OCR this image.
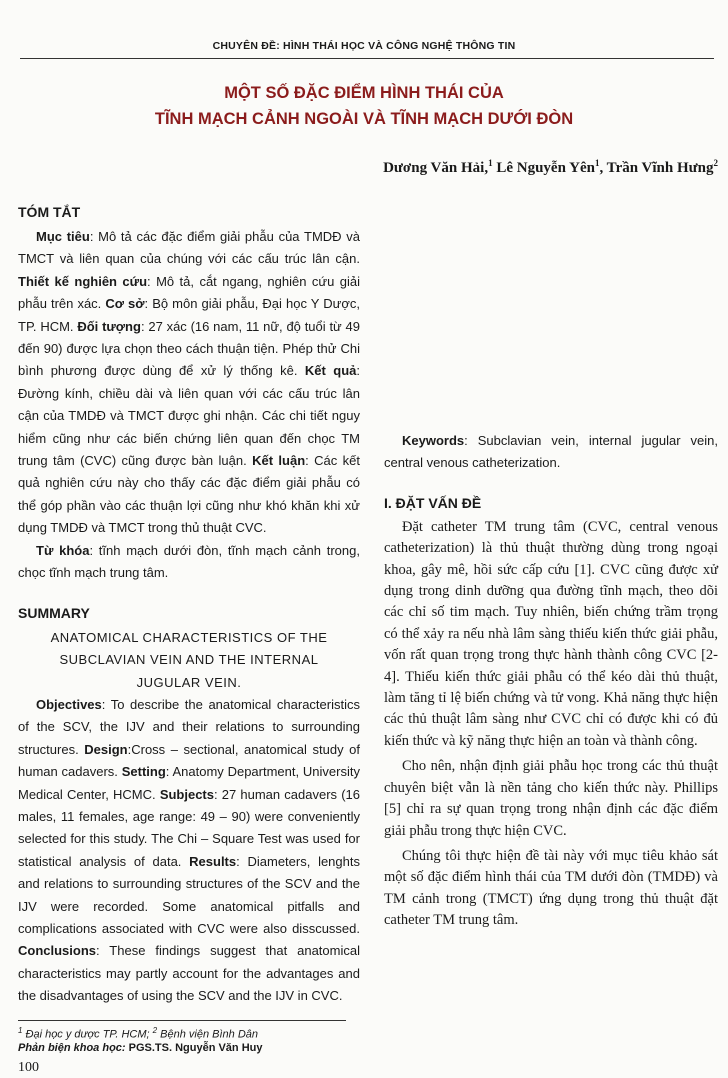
CHUYÊN ĐỀ: HÌNH THÁI HỌC VÀ CÔNG NGHỆ THÔNG TIN
MỘT SỐ ĐẶC ĐIỂM HÌNH THÁI CỦA
TĨNH MẠCH CẢNH NGOÀI VÀ TĨNH MẠCH DƯỚI ĐÒN
Dương Văn Hải,$^1$ Lê Nguyễn Yên$^1$, Trần Vĩnh Hưng$^2$
TÓM TẮT

Mục tiêu: Mô tả các đặc điểm giải phẫu của TMDĐ và TMCT và liên quan của chúng với các cấu trúc lân cận. Thiết kế nghiên cứu: Mô tả, cắt ngang, nghiên cứu giải phẫu trên xác. Cơ sở: Bộ môn giải phẫu, Đại học Y Dược, TP. HCM. Đối tượng: 27 xác (16 nam, 11 nữ, độ tuổi từ 49 đến 90) được lựa chọn theo cách thuận tiện. Phép thử Chi bình phương được dùng để xử lý thống kê. Kết quả: Đường kính, chiều dài và liên quan với các cấu trúc lân cận của TMDĐ và TMCT được ghi nhận. Các chi tiết nguy hiểm cũng như các biến chứng liên quan đến chọc TM trung tâm (CVC) cũng được bàn luận. Kết luận: Các kết quả nghiên cứu này cho thấy các đặc điểm giải phẫu có thể góp phần vào các thuận lợi cũng như khó khăn khi xử dụng TMDĐ và TMCT trong thủ thuật CVC.

Từ khóa: tĩnh mạch dưới đòn, tĩnh mạch cảnh trong, chọc tĩnh mạch trung tâm.

SUMMARY
ANATOMICAL CHARACTERISTICS OF THE
SUBCLAVIAN VEIN AND THE INTERNAL
JUGULAR VEIN.

Objectives: To describe the anatomical characteristics of the SCV, the IJV and their relations to surrounding structures. Design:Cross – sectional, anatomical study of human cadavers. Setting: Anatomy Department, University Medical Center, HCMC. Subjects: 27 human cadavers (16 males, 11 females, age range: 49 – 90) were conveniently selected for this study. The Chi – Square Test was used for statistical analysis of data. Results: Diameters, lenghts and relations to surrounding structures of the SCV and the IJV were recorded. Some anatomical pitfalls and complications associated with CVC were also disscussed. Conclusions: These findings suggest that anatomical characteristics may partly account for the advantages and the disadvantages of using the SCV and the IJV in CVC.

Keywords: Subclavian vein, internal jugular vein, central venous catheterization.

I. ĐẶT VẤN ĐỀ

Đặt catheter TM trung tâm (CVC, central venous catheterization) là thủ thuật thường dùng trong ngoại khoa, gây mê, hồi sức cấp cứu [1]. CVC cũng được xử dụng trong dinh dưỡng qua đường tĩnh mạch, theo dõi các chỉ số tim mạch. Tuy nhiên, biến chứng trầm trọng có thể xảy ra nếu nhà lâm sàng thiếu kiến thức giải phẫu, vốn rất quan trọng trong thực hành thành công CVC [2-4]. Thiếu kiến thức giải phẫu có thể kéo dài thủ thuật, làm tăng tỉ lệ biến chứng và tử vong. Khả năng thực hiện các thủ thuật lâm sàng như CVC chỉ có được khi có đủ kiến thức và kỹ năng thực hiện an toàn và thành công.

Cho nên, nhận định giải phẫu học trong các thủ thuật chuyên biệt vẫn là nền tảng cho kiến thức này. Phillips [5] chỉ ra sự quan trọng trong nhận định các đặc điểm giải phẫu trong thực hiện CVC.

Chúng tôi thực hiện đề tài này với mục tiêu khảo sát một số đặc điểm hình thái của TM dưới đòn (TMDĐ) và TM cảnh trong (TMCT) ứng dụng trong thủ thuật đặt catheter TM trung tâm.

$^1$ Đại học y dược TP. HCM; $^2$ Bệnh viện Bình Dân
Phản biện khoa học: PGS.TS. Nguyễn Văn Huy
100
